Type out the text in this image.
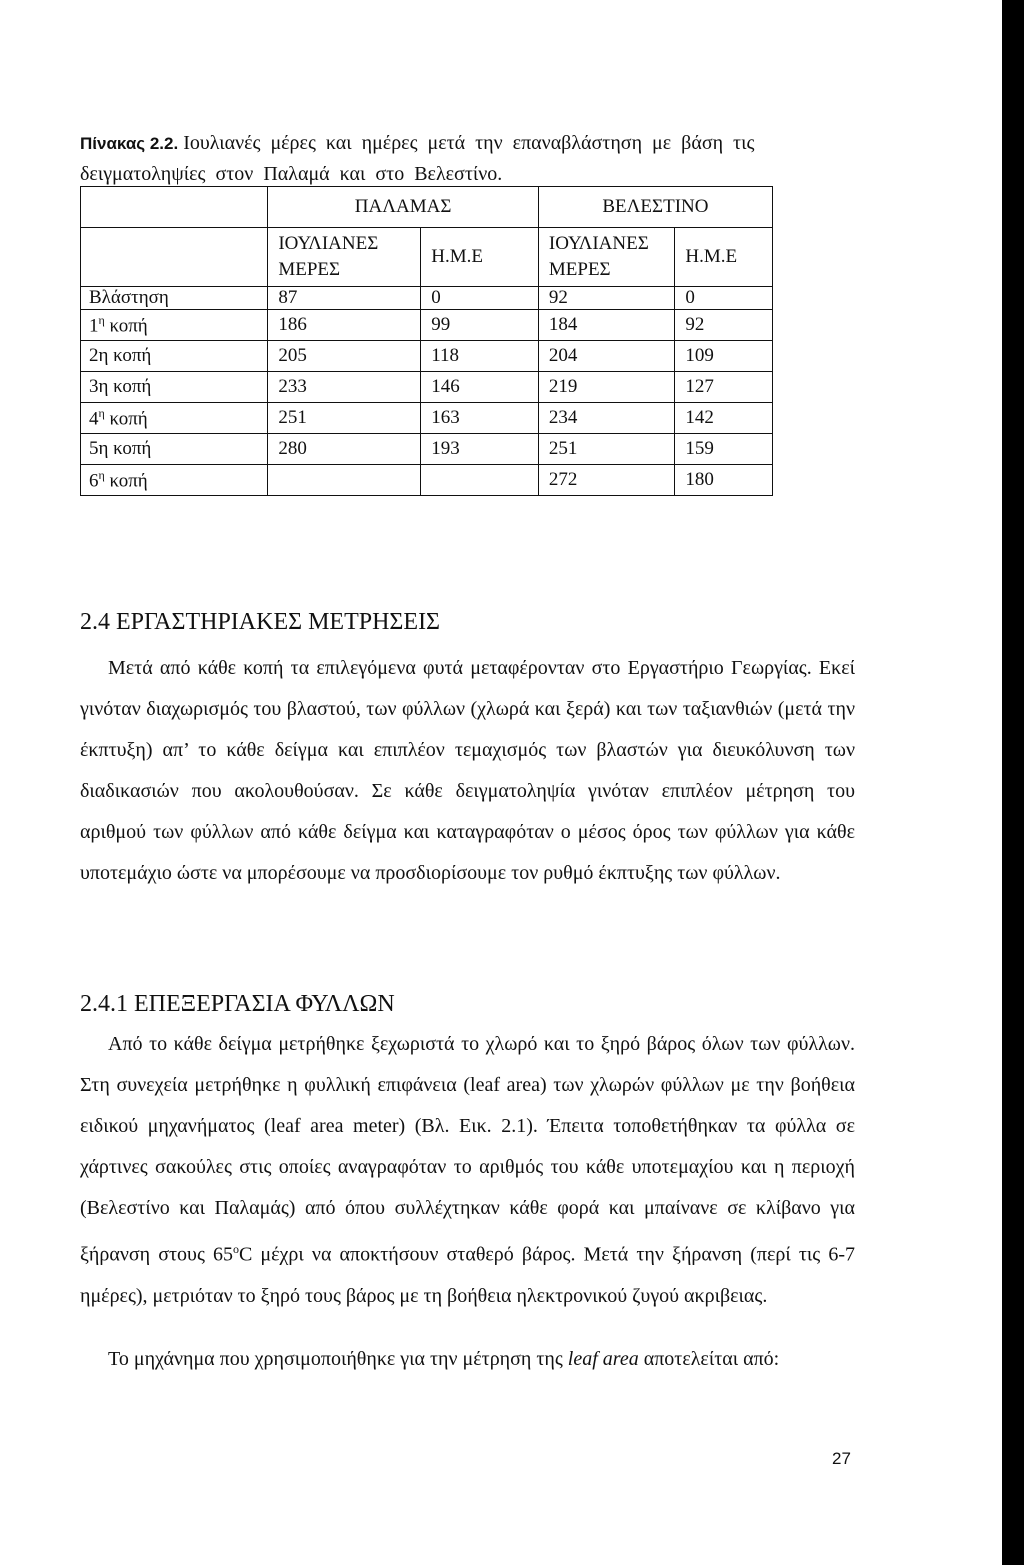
Πίνακας 2.2. Ιουλιανές μέρες και ημέρες μετά την επαναβλάστηση με βάση τις δειγματοληψίες στον Παλαμά και στο Βελεστίνο.
	ΠΑΛΑΜΑΣ		ΒΕΛΕΣΤΙΝΟ	
	ΙΟΥΛΙΑΝΕΣ ΜΕΡΕΣ	Η.Μ.Ε	ΙΟΥΛΙΑΝΕΣ ΜΕΡΕΣ	Η.Μ.Ε
Βλάστηση	87	0	92	0
$1^\eta$ κοπή	186	99	184	92
2η κοπή	205	118	204	109
3η κοπή	233	146	219	127
$4^\eta$ κοπή	251	163	234	142
5η κοπή	280	193	251	159
$6^\eta$ κοπή			272	180
2.4 ΕΡΓΑΣΤΗΡΙΑΚΕΣ ΜΕΤΡΗΣΕΙΣ
Μετά από κάθε κοπή τα επιλεγόμενα φυτά μεταφέρονταν στο Εργαστήριο Γεωργίας. Εκεί γινόταν διαχωρισμός του βλαστού, των φύλλων (χλωρά και ξερά) και των ταξιανθιών (μετά την έκπτυξη) απ’ το κάθε δείγμα και επιπλέον τεμαχισμός των βλαστών για διευκόλυνση των διαδικασιών που ακολουθούσαν. Σε κάθε δειγματοληψία γινόταν επιπλέον μέτρηση του αριθμού των φύλλων από κάθε δείγμα και καταγραφόταν ο μέσος όρος των φύλλων για κάθε υποτεμάχιο ώστε να μπορέσουμε να προσδιορίσουμε τον ρυθμό έκπτυξης των φύλλων.
2.4.1 ΕΠΕΞΕΡΓΑΣΙΑ ΦΥΛΛΩΝ
Από το κάθε δείγμα μετρήθηκε ξεχωριστά το χλωρό και το ξηρό βάρος όλων των φύλλων. Στη συνεχεία μετρήθηκε η φυλλική επιφάνεια (leaf area) των χλωρών φύλλων με την βοήθεια ειδικού μηχανήματος (leaf area meter) (Βλ. Εικ. 2.1). Έπειτα τοποθετήθηκαν τα φύλλα σε χάρτινες σακούλες στις οποίες αναγραφόταν το αριθμός του κάθε υποτεμαχίου και η περιοχή (Βελεστίνο και Παλαμάς) από όπου συλλέχτηκαν κάθε φορά και μπαίνανε σε κλίβανο για ξήρανση στους 65$^o$C μέχρι να αποκτήσουν σταθερό βάρος. Μετά την ξήρανση (περί τις 6-7 ημέρες), μετριόταν το ξηρό τους βάρος με τη βοήθεια ηλεκτρονικού ζυγού ακριβειας.
Το μηχάνημα που χρησιμοποιήθηκε για την μέτρηση της leaf area αποτελείται από:
27
